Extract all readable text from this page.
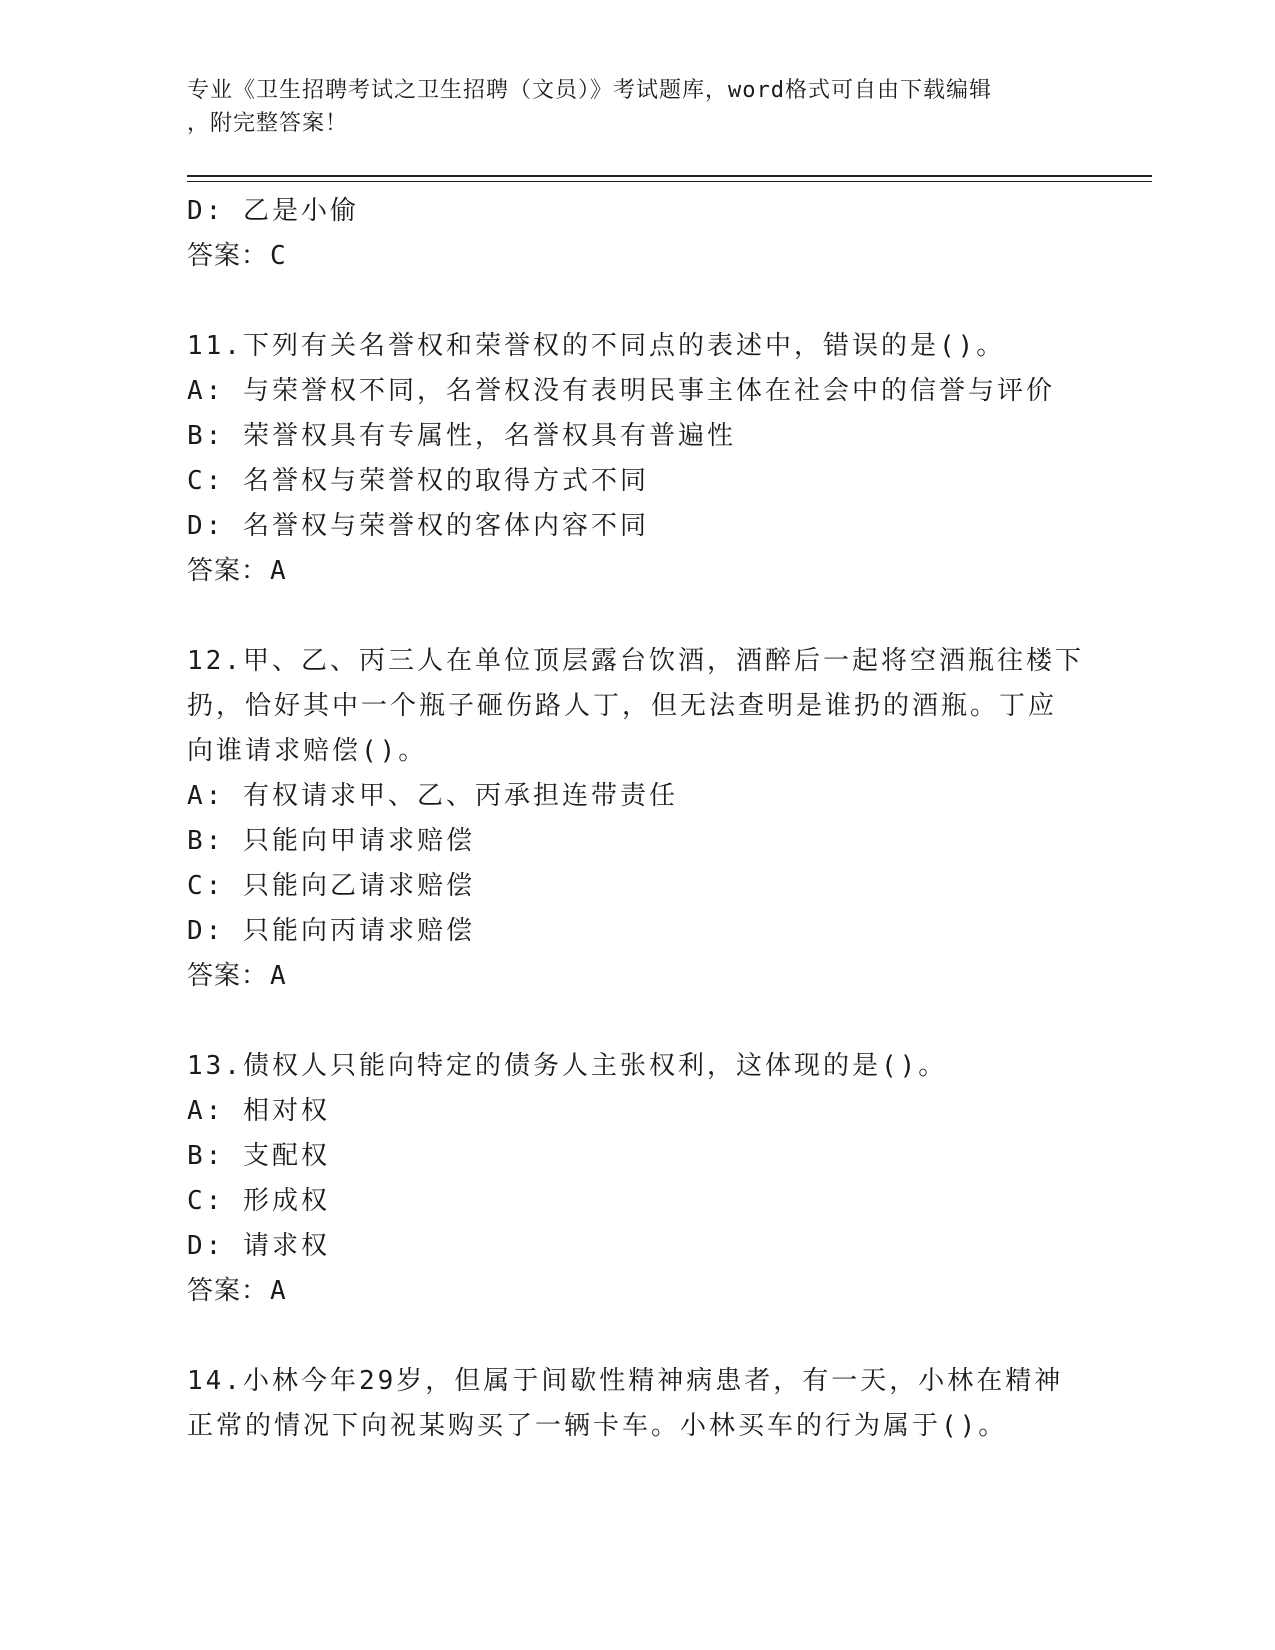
专业《卫生招聘考试之卫生招聘（文员）》考试题库，word格式可自由下载编辑
，附完整答案！
D: 乙是小偷
答案：C
11.下列有关名誉权和荣誉权的不同点的表述中，错误的是()。
A: 与荣誉权不同，名誉权没有表明民事主体在社会中的信誉与评价
B: 荣誉权具有专属性，名誉权具有普遍性
C: 名誉权与荣誉权的取得方式不同
D: 名誉权与荣誉权的客体内容不同
答案：A
12.甲、乙、丙三人在单位顶层露台饮酒，酒醉后一起将空酒瓶往楼下
扔，恰好其中一个瓶子砸伤路人丁，但无法查明是谁扔的酒瓶。丁应
向谁请求赔偿()。
A: 有权请求甲、乙、丙承担连带责任
B: 只能向甲请求赔偿
C: 只能向乙请求赔偿
D: 只能向丙请求赔偿
答案：A
13.债权人只能向特定的债务人主张权利，这体现的是()。
A: 相对权
B: 支配权
C: 形成权
D: 请求权
答案：A
14.小林今年29岁，但属于间歇性精神病患者，有一天，小林在精神
正常的情况下向祝某购买了一辆卡车。小林买车的行为属于()。
